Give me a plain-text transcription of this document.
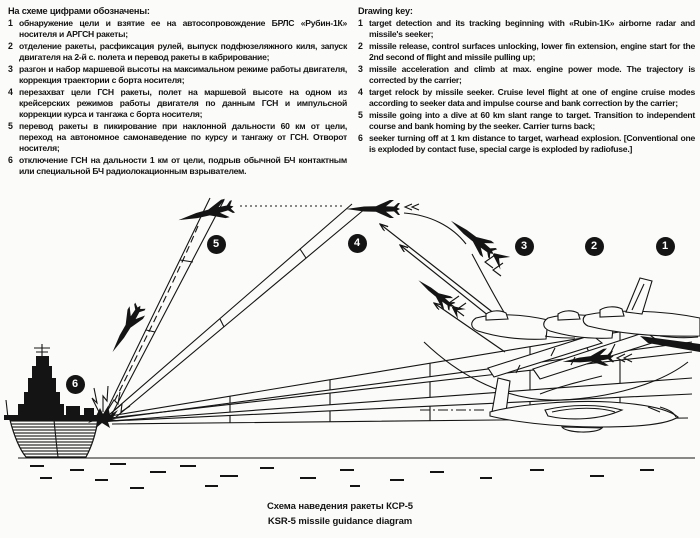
На схеме цифрами обозначены:
1 обнаружение цели и взятие ее на автосопровождение БРЛС «Рубин-1К» носителя и АРГСН ракеты;
2 отделение ракеты, расфиксация рулей, выпуск подфюзеляжного киля, запуск двигателя на 2-й с. полета и перевод ракеты в кабрирование;
3 разгон и набор маршевой высоты на максимальном режиме работы двигателя, коррекция траектории с борта носителя;
4 перезахват цели ГСН ракеты, полет на маршевой высоте на одном из крейсерских режимов работы двигателя по данным ГСН и импульсной коррекции курса и тангажа с борта носителя;
5 перевод ракеты в пикирование при наклонной дальности 60 км от цели, переход на автономное самонаведение по курсу и тангажу от ГСН. Отворот носителя;
6 отключение ГСН на дальности 1 км от цели, подрыв обычной БЧ контактным или специальной БЧ радиолокационным взрывателем.
Drawing key:
1 target detection and its tracking beginning with «Rubin-1K» airborne radar and missile's seeker;
2 missile release, control surfaces unlocking, lower fin extension, engine start for the 2nd second of flight and missile pulling up;
3 missile acceleration and climb at max. engine power mode. The trajectory is corrected by the carrier;
4 target relock by missile seeker. Cruise level flight at one of engine cruise modes according to seeker data and impulse course and bank correction by the carrier;
5 missile going into a dive at 60 km slant range to target. Transition to independent course and bank homing by the seeker. Carrier turns back;
6 seeker turning off at 1 km distance to target, warhead explosion. [Conventional one is exploded by contact fuse, special carge is exploded by radiofuse.]
1
2
3
4
5
6
Схема наведения ракеты КСР-5
KSR-5 missile guidance diagram
